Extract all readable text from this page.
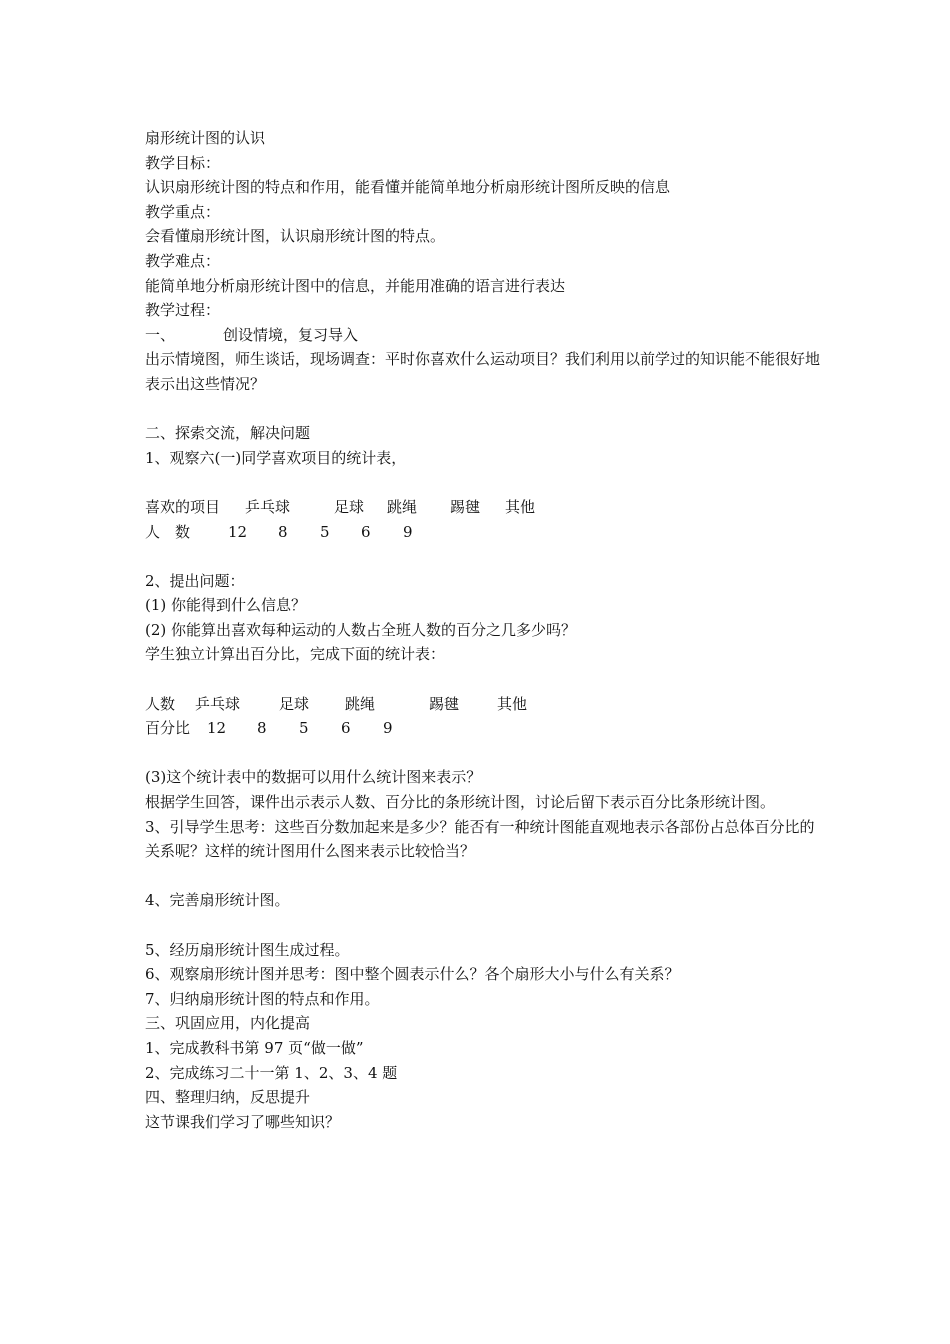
扇形统计图的认识
教学目标：
认识扇形统计图的特点和作用，能看懂并能简单地分析扇形统计图所反映的信息
教学重点：
会看懂扇形统计图，认识扇形统计图的特点。
教学难点：
能简单地分析扇形统计图中的信息，并能用准确的语言进行表达
教学过程：
一、	创设情境，复习导入
出示情境图，师生谈话，现场调查：平时你喜欢什么运动项目？我们利用以前学过的知识能不能很好地表示出这些情况？
二、探索交流，解决问题
1、观察六(一)同学喜欢项目的统计表，
喜欢的项目 乒乓球	足球 跳绳 踢毽 其他
人　数	12 8 5 6 9
2、提出问题：
(1) 你能得到什么信息？
(2) 你能算出喜欢每种运动的人数占全班人数的百分之几多少吗？
学生独立计算出百分比，完成下面的统计表：
人数 乒乓球	足球 跳绳	踢毽	其他
百分比 12 8 5 6 9
(3)这个统计表中的数据可以用什么统计图来表示？
根据学生回答，课件出示表示人数、百分比的条形统计图，讨论后留下表示百分比条形统计图。
3、引导学生思考：这些百分数加起来是多少？能否有一种统计图能直观地表示各部份占总体百分比的关系呢？这样的统计图用什么图来表示比较恰当？
4、完善扇形统计图。
5、经历扇形统计图生成过程。
6、观察扇形统计图并思考：图中整个圆表示什么？各个扇形大小与什么有关系？
7、归纳扇形统计图的特点和作用。
三、巩固应用，内化提高
1、完成教科书第 97 页“做一做”
2、完成练习二十一第 1、2、3、4 题
四、整理归纳，反思提升
这节课我们学习了哪些知识？
